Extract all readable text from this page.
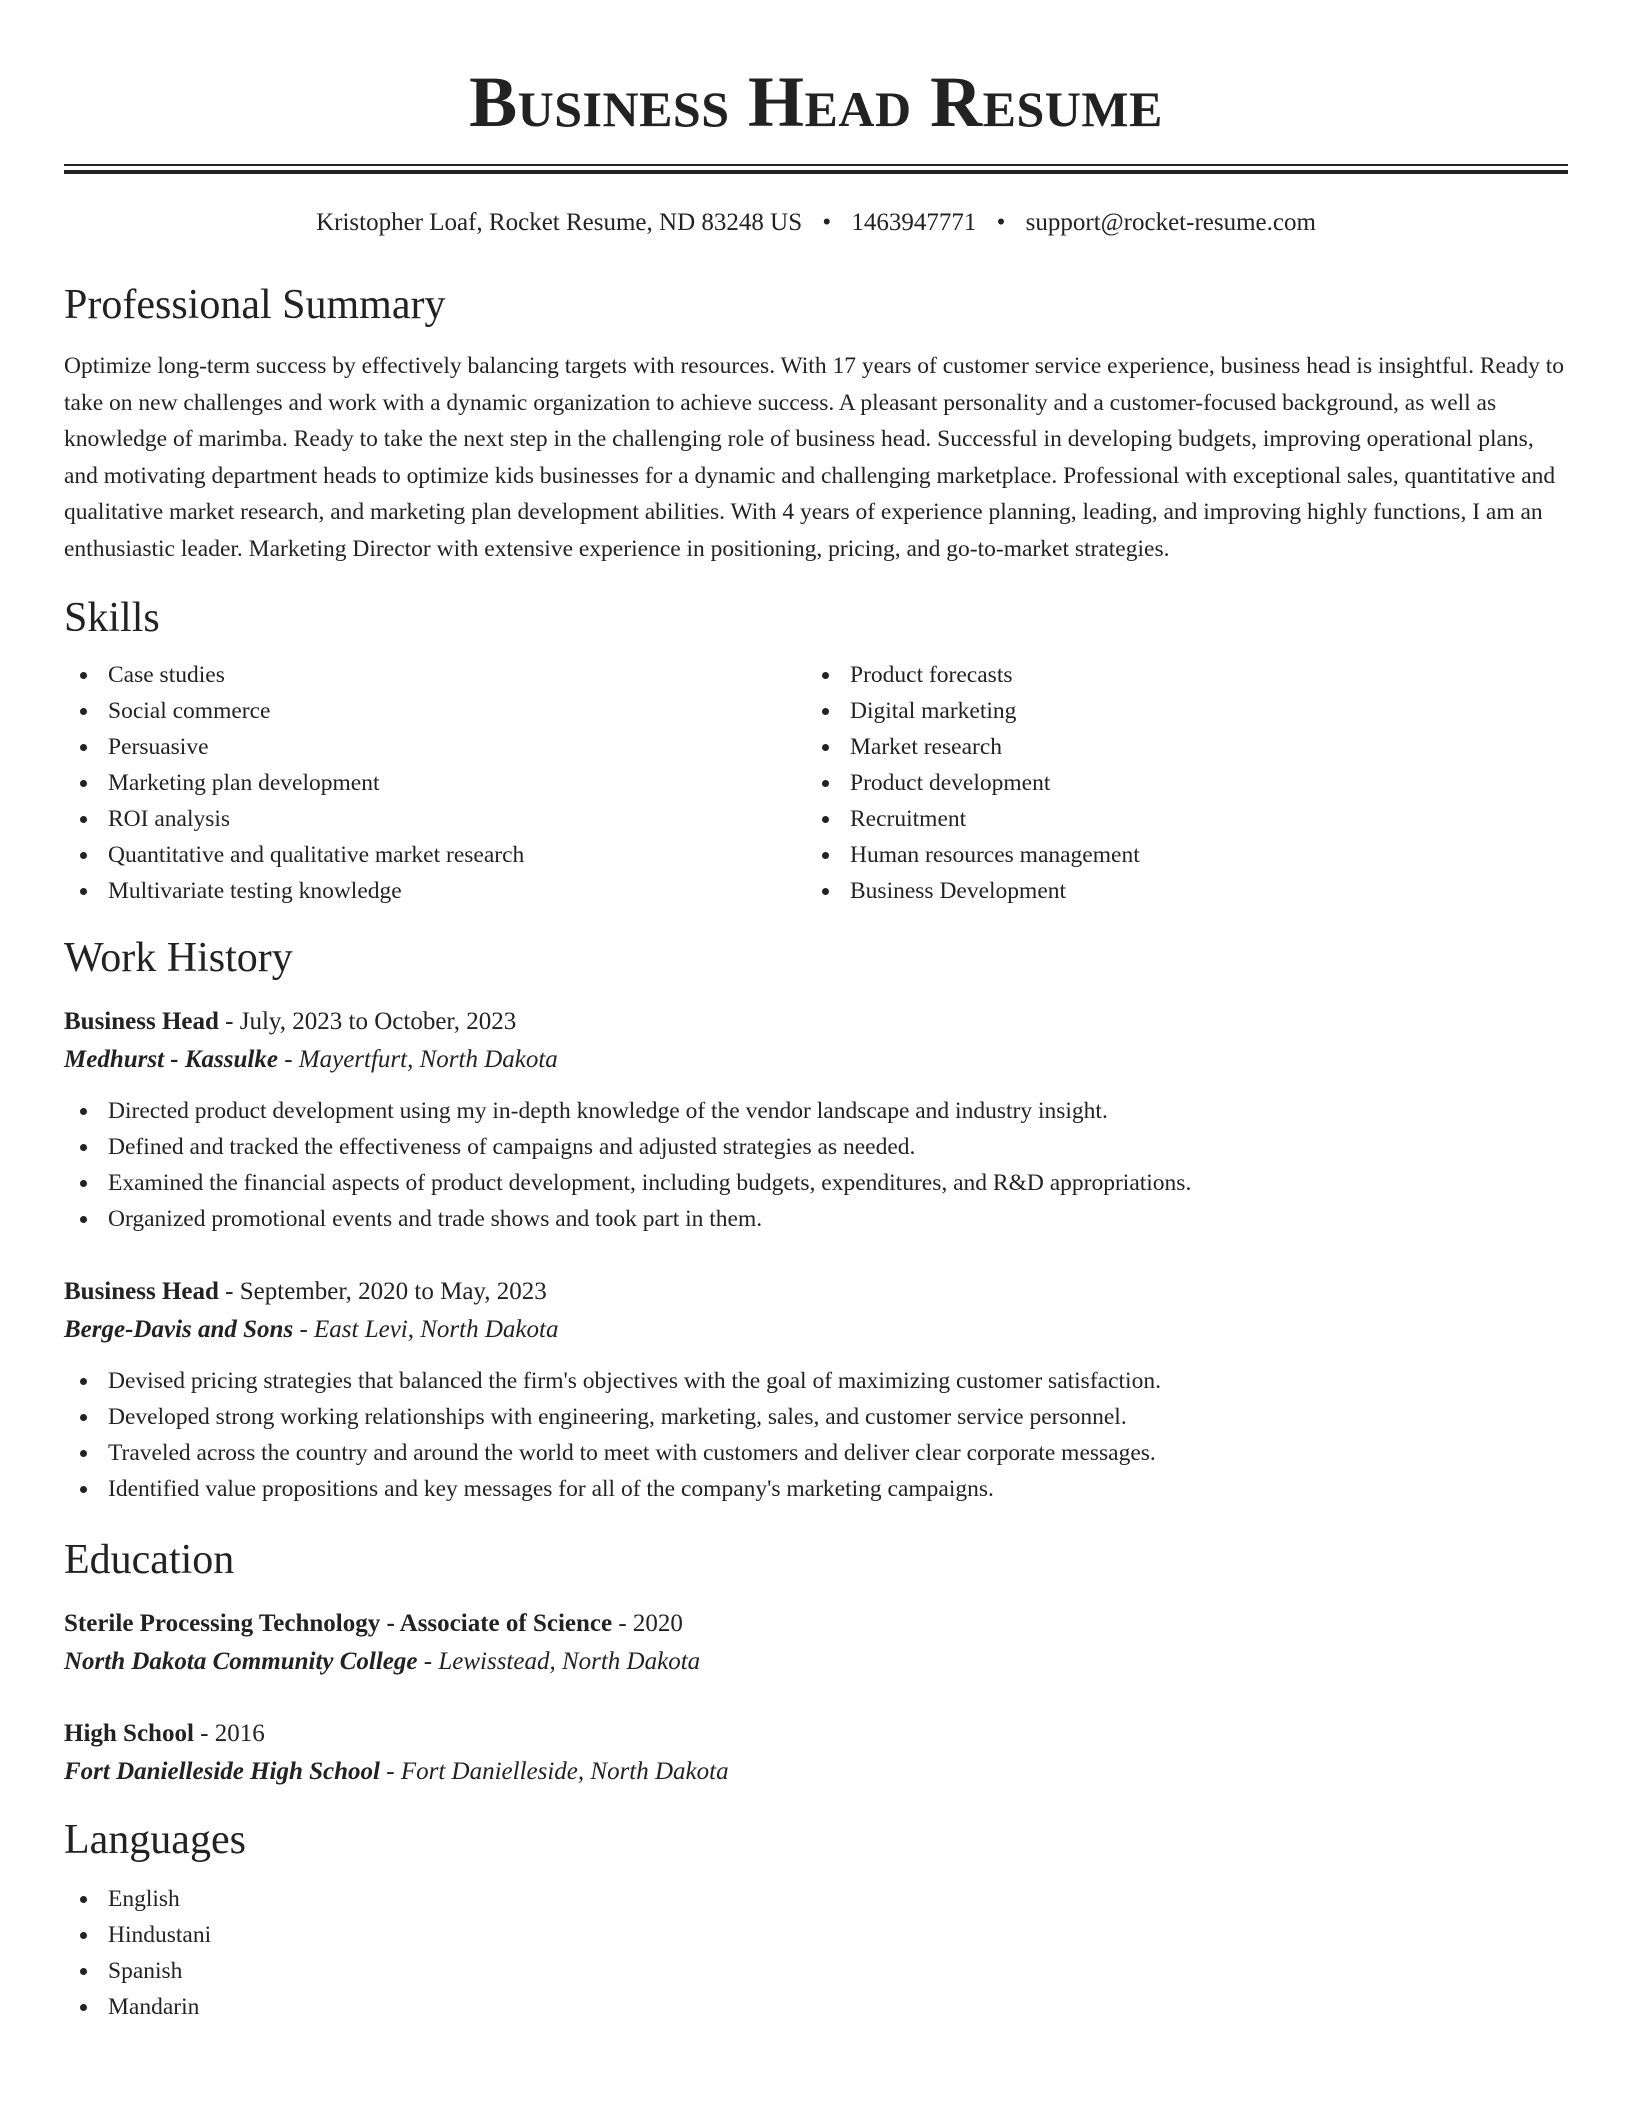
Business Head Resume
Kristopher Loaf, Rocket Resume, ND 83248 US • 1463947771 • support@rocket-resume.com
Professional Summary

Optimize long-term success by effectively balancing targets with resources. With 17 years of customer service experience, business head is insightful. Ready to take on new challenges and work with a dynamic organization to achieve success. A pleasant personality and a customer-focused background, as well as knowledge of marimba. Ready to take the next step in the challenging role of business head. Successful in developing budgets, improving operational plans, and motivating department heads to optimize kids businesses for a dynamic and challenging marketplace. Professional with exceptional sales, quantitative and qualitative market research, and marketing plan development abilities. With 4 years of experience planning, leading, and improving highly functions, I am an enthusiastic leader. Marketing Director with extensive experience in positioning, pricing, and go-to-market strategies.

Skills
Case studies
Social commerce
Persuasive
Marketing plan development
ROI analysis
Quantitative and qualitative market research
Multivariate testing knowledge
Product forecasts
Digital marketing
Market research
Product development
Recruitment
Human resources management
Business Development
Work History
Business Head - July, 2023 to October, 2023
Medhurst - Kassulke - Mayertfurt, North Dakota
Directed product development using my in-depth knowledge of the vendor landscape and industry insight.
Defined and tracked the effectiveness of campaigns and adjusted strategies as needed.
Examined the financial aspects of product development, including budgets, expenditures, and R&D appropriations.
Organized promotional events and trade shows and took part in them.
Business Head - September, 2020 to May, 2023
Berge-Davis and Sons - East Levi, North Dakota
Devised pricing strategies that balanced the firm's objectives with the goal of maximizing customer satisfaction.
Developed strong working relationships with engineering, marketing, sales, and customer service personnel.
Traveled across the country and around the world to meet with customers and deliver clear corporate messages.
Identified value propositions and key messages for all of the company's marketing campaigns.
Education
Sterile Processing Technology - Associate of Science - 2020
North Dakota Community College - Lewisstead, North Dakota
High School - 2016
Fort Danielleside High School - Fort Danielleside, North Dakota
Languages
English
Hindustani
Spanish
Mandarin
